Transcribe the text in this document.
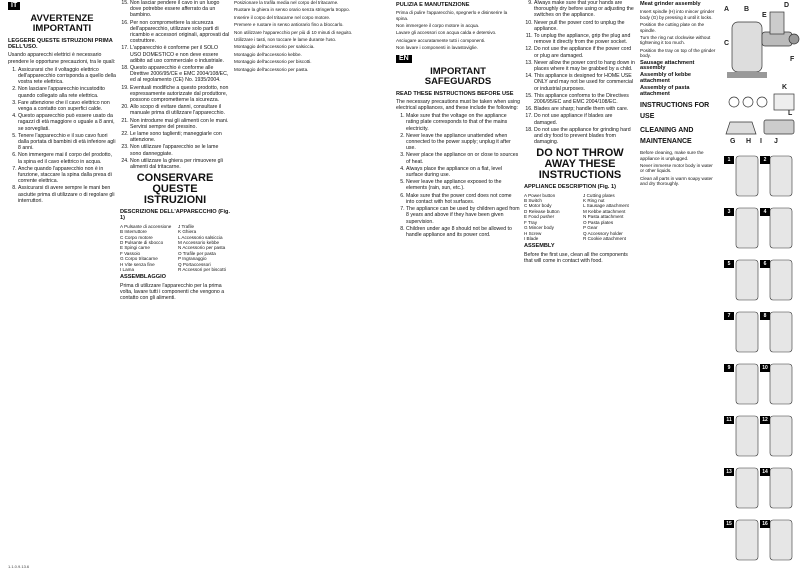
IT
AVVERTENZE IMPORTANTI
LEGGERE QUESTE ISTRUZIONI PRIMA DELL'USO.

Usando apparecchi elettrici è necessario prendere le opportune precauzioni, tra le quali:

1. Assicurarsi che il voltaggio elettrico dell'apparecchio corrisponda a quello della vostra rete elettrica.
2. Non lasciare l'apparecchio incustodito quando collegato alla rete elettrica.
3. Fare attenzione che il cavo elettrico non venga a contatto con superfici calde.
4. Questo apparecchio può essere usato da ragazzi di età maggiore o uguale a 8 anni, se sorvegliati.
5. Tenere l'apparecchio e il suo cavo fuori dalla portata di bambini di età inferiore agli 8 anni.
6. Non immergere mai il corpo del prodotto, la spina ed il cavo elettrico in acqua.
7. Anche quando l'apparecchio non è in funzione, staccare la spina dalla presa di corrente elettrica.
8. Assicurarsi di avere sempre le mani ben asciutte prima di utilizzare o di regolare gli interruttori.
15. Non lasciar pendere il cavo in un luogo dove potrebbe essere afferrato da un bambino.
16. Per non compromettere la sicurezza dell'apparecchio, utilizzare solo parti di ricambio e accessori originali, approvati dal costruttore.
17. L'apparecchio è conforme per il SOLO USO DOMESTICO e non deve essere adibito ad uso commerciale o industriale.
18. Questo apparecchio è conforme alle Direttive 2006/95/CE e EMC 2004/108/EC, ed al regolamento (CE) No. 1935/2004.
19. Eventuali modifiche a questo prodotto, non espressamente autorizzate dal produttore, possono comprometterne la sicurezza.
20. Allo scopo di evitare danni, consultare il manuale prima di utilizzare l'apparecchio.
21. Non introdurre mai gli alimenti con le mani. Servirsi sempre del pressino.
22. Le lame sono taglienti; maneggiarle con attenzione.
23. Non utilizzare l'apparecchio se le lame sono danneggiate.
24. Non utilizzare la ghiera per rimuovere gli alimenti dal tritacarne.
CONSERVARE QUESTE ISTRUZIONI
DESCRIZIONE DELL'APPARECCHIO (Fig. 1)
A Pulsante di accensione
B Interruttore
C Corpo motore
D Pulsante di sbocco
E Spingi carne
F Vassoio
G Corpo tritacarne
H Vite senza fine
I Lama
J Trafile
K Ghiera
L Accessorio salsiccia
M Accessorio kebbe
N Accessorio per pasta
O Trafile per pasta
P Ingranaggio
Q Portaccessori
R Accessori per biscotti
ASSEMBLAGGIO

Prima di utilizzare l'apparecchio per la prima volta, lavare tutti i componenti che vengono a contatto con gli alimenti.

Posizionare la trafila media nel corpo del tritacarne.

Ruotare la ghiera in senso orario senza stringerla troppo.

Inserire il corpo del tritacarne nel corpo motore.

Premere e ruotare in senso antiorario fino a bloccarlo.

Non utilizzare l'apparecchio per più di 10 minuti di seguito.

Utilizzare i tasti, non toccare le lame durante l'uso.

Montaggio dell'accessorio per salsiccia.

Montaggio dell'accessorio kebbe.

Montaggio dell'accessorio per biscotti.

Montaggio dell'accessorio per pasta.

PULIZIA E MANUTENZIONE

Prima di pulire l'apparecchio, spegnerlo e disinserire la spina.

Non immergere il corpo motore in acqua.

Lavare gli accessori con acqua calda e detersivo.

Asciugare accuratamente tutti i componenti.

Non lavare i componenti in lavastoviglie.

EN
IMPORTANT SAFEGUARDS
READ THESE INSTRUCTIONS BEFORE USE

The necessary precautions must be taken when using electrical appliances, and these include the following:

1. Make sure that the voltage on the appliance rating plate corresponds to that of the mains electricity.
2. Never leave the appliance unattended when connected to the power supply; unplug it after use.
3. Never place the appliance on or close to sources of heat.
4. Always place the appliance on a flat, level surface during use.
5. Never leave the appliance exposed to the elements (rain, sun, etc.).
6. Make sure that the power cord does not come into contact with hot surfaces.
7. The appliance can be used by children aged from 8 years and above if they have been given supervision.
8. Children under age 8 should not be allowed to handle appliance and its power cord.
9. Always make sure that your hands are thoroughly dry before using or adjusting the switches on the appliance.
10. Never pull the power cord to unplug the appliance.
11. To unplug the appliance, grip the plug and remove it directly from the power socket.
12. Do not use the appliance if the power cord or plug are damaged.
13. Never allow the power cord to hang down in places where it may be grabbed by a child.
14. This appliance is designed for HOME USE ONLY and may not be used for commercial or industrial purposes.
15. This appliance conforms to the Directives 2006/95/EC and EMC 2004/108/EC.
16. Blades are sharp; handle them with care.
17. Do not use appliance if blades are damaged.
18. Do not use the appliance for grinding hard and dry food to prevent blades from damaging.
DO NOT THROW AWAY THESE INSTRUCTIONS
APPLIANCE DESCRIPTION (Fig. 1)
A Power button
B Switch
C Motor body
D Release button
E Food pusher
F Tray
G Mincer body
H Screw
I Blade
J Cutting plates
K Ring nut
L Sausage attachment
M Kebbe attachment
N Pasta attachment
O Pasta plates
P Gear
Q Accessory holder
R Cookie attachment
ASSEMBLY

Before the first use, clean all the components that will come in contact with food.

Meat grinder assembly

Insert spindle (H) into mincer grinder body (G) by pressing it until it locks.

Position the cutting plate on the spindle.

Turn the ring nut clockwise without tightening it too much.

Position the tray on top of the grinder body.

Sausage attachment assembly

Assembly of kebbe attachment

Assembly of pasta attachment

INSTRUCTIONS FOR USE
CLEANING AND MAINTENANCE

Before cleaning, make sure the appliance is unplugged.

Never immerse motor body in water or other liquids.

Clean all parts in warm soapy water and dry thoroughly.

A B
C
D
E
F
G H I J
K
L
1	2
3	4
5	6
7	8
9	10
11	12
13	14
15	16
1.1.0.9.13.6
